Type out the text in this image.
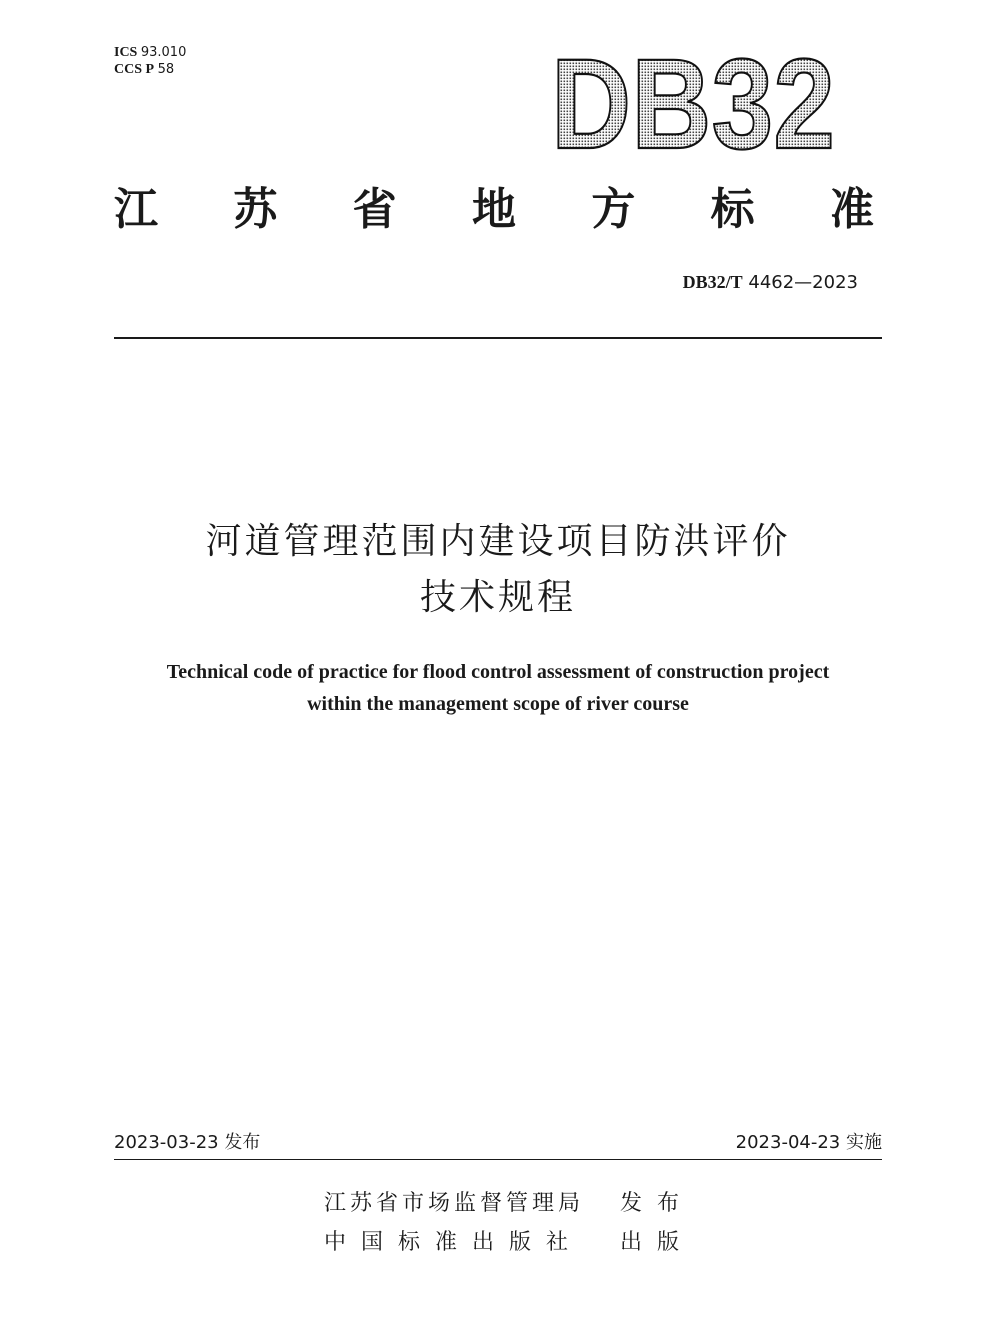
ICS 93.010
CCS P 58	DB32
江 苏 省 地 方 标 准
DB32/T 4462—2023
河道管理范围内建设项目防洪评价
技术规程
Technical code of practice for flood control assessment of construction project
within the management scope of river course
2023-03-23 发布	2023-04-23 实施
江苏省市场监督管理局 发 布
中 国 标 准 出 版 社 出 版
